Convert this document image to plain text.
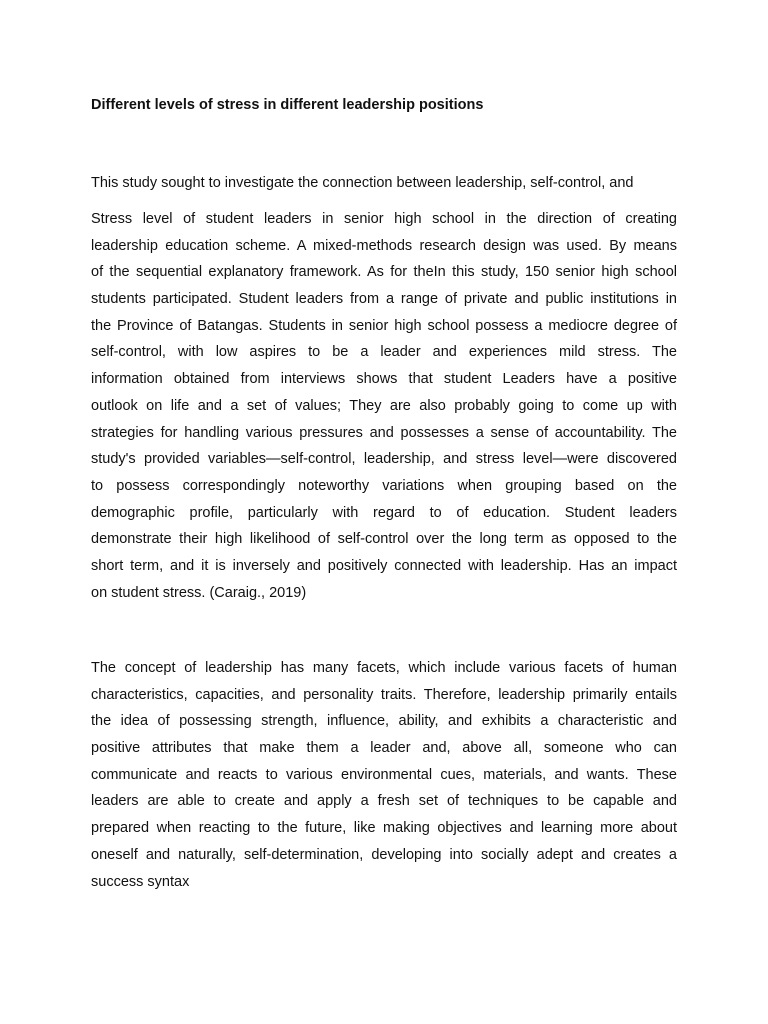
Different levels of stress in different leadership positions

This study sought to investigate the connection between leadership, self-control, and

Stress level of student leaders in senior high school in the direction of creating
leadership education scheme. A mixed-methods research design was used. By means
of the sequential explanatory framework. As for theIn this study, 150 senior high school
students participated. Student leaders from a range of private and public institutions in
the Province of Batangas. Students in senior high school possess a mediocre degree of
self-control, with low aspires to be a leader and experiences mild stress. The
information obtained from interviews shows that student Leaders have a positive
outlook on life and a set of values; They are also probably going to come up with
strategies for handling various pressures and possesses a sense of accountability. The
study's provided variables—self-control, leadership, and stress level—were discovered
to possess correspondingly noteworthy variations when grouping based on the
demographic profile, particularly with regard to of education. Student leaders
demonstrate their high likelihood of self-control over the long term as opposed to the
short term, and it is inversely and positively connected with leadership. Has an impact
on student stress. (Caraig., 2019)

The concept of leadership has many facets, which include various facets of human
characteristics, capacities, and personality traits. Therefore, leadership primarily entails
the idea of possessing strength, influence, ability, and exhibits a characteristic and
positive attributes that make them a leader and, above all, someone who can
communicate and reacts to various environmental cues, materials, and wants. These
leaders are able to create and apply a fresh set of techniques to be capable and
prepared when reacting to the future, like making objectives and learning more about
oneself and naturally, self-determination, developing into socially adept and creates a
success syntax
